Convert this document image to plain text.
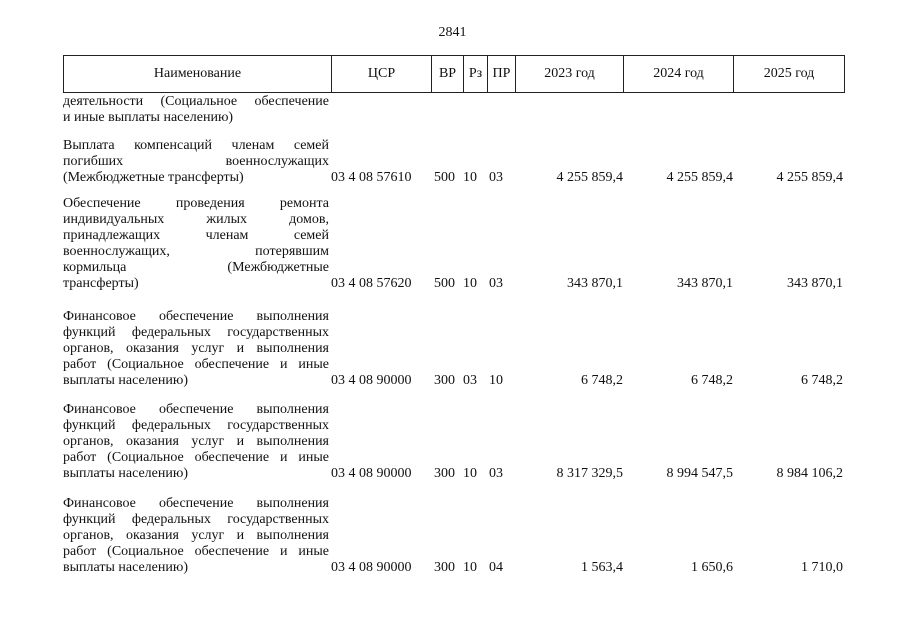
2841
Наименование	ЦСР	ВР Рз ПР	2023 год	2024 год	2025 год
деятельности (Социальное обеспечение
и иные выплаты населению)
Выплата компенсаций членам семей
погибших военнослужащих
(Межбюджетные трансферты)	03 4 08 57610	500 10 03	4 255 859,4	4 255 859,4	4 255 859,4
Обеспечение проведения ремонта
индивидуальных жилых домов,
принадлежащих членам семей
военнослужащих, потерявшим
кормильца (Межбюджетные
трансферты)	03 4 08 57620	500 10 03	343 870,1	343 870,1	343 870,1
Финансовое обеспечение выполнения
функций федеральных государственных
органов, оказания услуг и выполнения
работ (Социальное обеспечение и иные
выплаты населению)	03 4 08 90000	300 03 10	6 748,2	6 748,2	6 748,2
Финансовое обеспечение выполнения
функций федеральных государственных
органов, оказания услуг и выполнения
работ (Социальное обеспечение и иные
выплаты населению)	03 4 08 90000	300 10 03	8 317 329,5	8 994 547,5	8 984 106,2
Финансовое обеспечение выполнения
функций федеральных государственных
органов, оказания услуг и выполнения
работ (Социальное обеспечение и иные
выплаты населению)	03 4 08 90000	300 10 04	1 563,4	1 650,6	1 710,0
